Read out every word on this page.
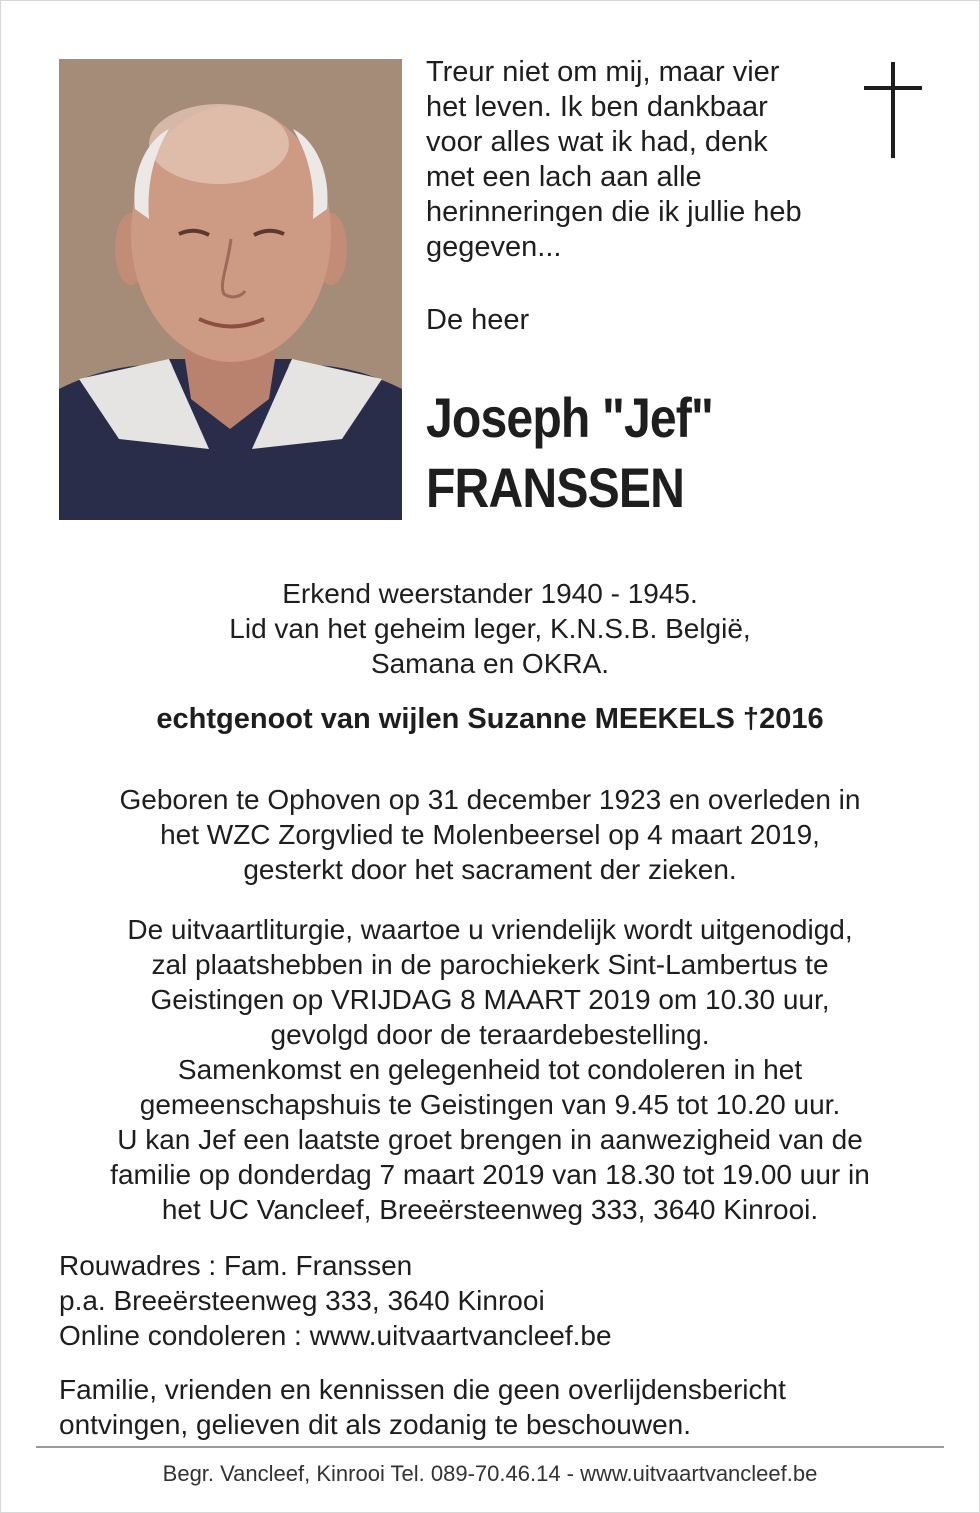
Treur niet om mij, maar vier
het leven. Ik ben dankbaar
voor alles wat ik had, denk
met een lach aan alle
herinneringen die ik jullie heb
gegeven...

De heer

Joseph "Jef"
FRANSSEN

Erkend weerstander 1940 - 1945.
Lid van het geheim leger, K.N.S.B. België,
Samana en OKRA.

echtgenoot van wijlen Suzanne MEEKELS †2016

Geboren te Ophoven op 31 december 1923 en overleden in
het WZC Zorgvlied te Molenbeersel op 4 maart 2019,
gesterkt door het sacrament der zieken.

De uitvaartliturgie, waartoe u vriendelijk wordt uitgenodigd,
zal plaatshebben in de parochiekerk Sint-Lambertus te
Geistingen op VRIJDAG 8 MAART 2019 om 10.30 uur,
gevolgd door de teraardebestelling.
Samenkomst en gelegenheid tot condoleren in het
gemeenschapshuis te Geistingen van 9.45 tot 10.20 uur.
U kan Jef een laatste groet brengen in aanwezigheid van de
familie op donderdag 7 maart 2019 van 18.30 tot 19.00 uur in
het UC Vancleef, Breeërsteenweg 333, 3640 Kinrooi.

Rouwadres : Fam. Franssen
p.a. Breeërsteenweg 333, 3640 Kinrooi
Online condoleren : www.uitvaartvancleef.be

Familie, vrienden en kennissen die geen overlijdensbericht
ontvingen, gelieven dit als zodanig te beschouwen.

Begr. Vancleef, Kinrooi Tel. 089-70.46.14 - www.uitvaartvancleef.be
